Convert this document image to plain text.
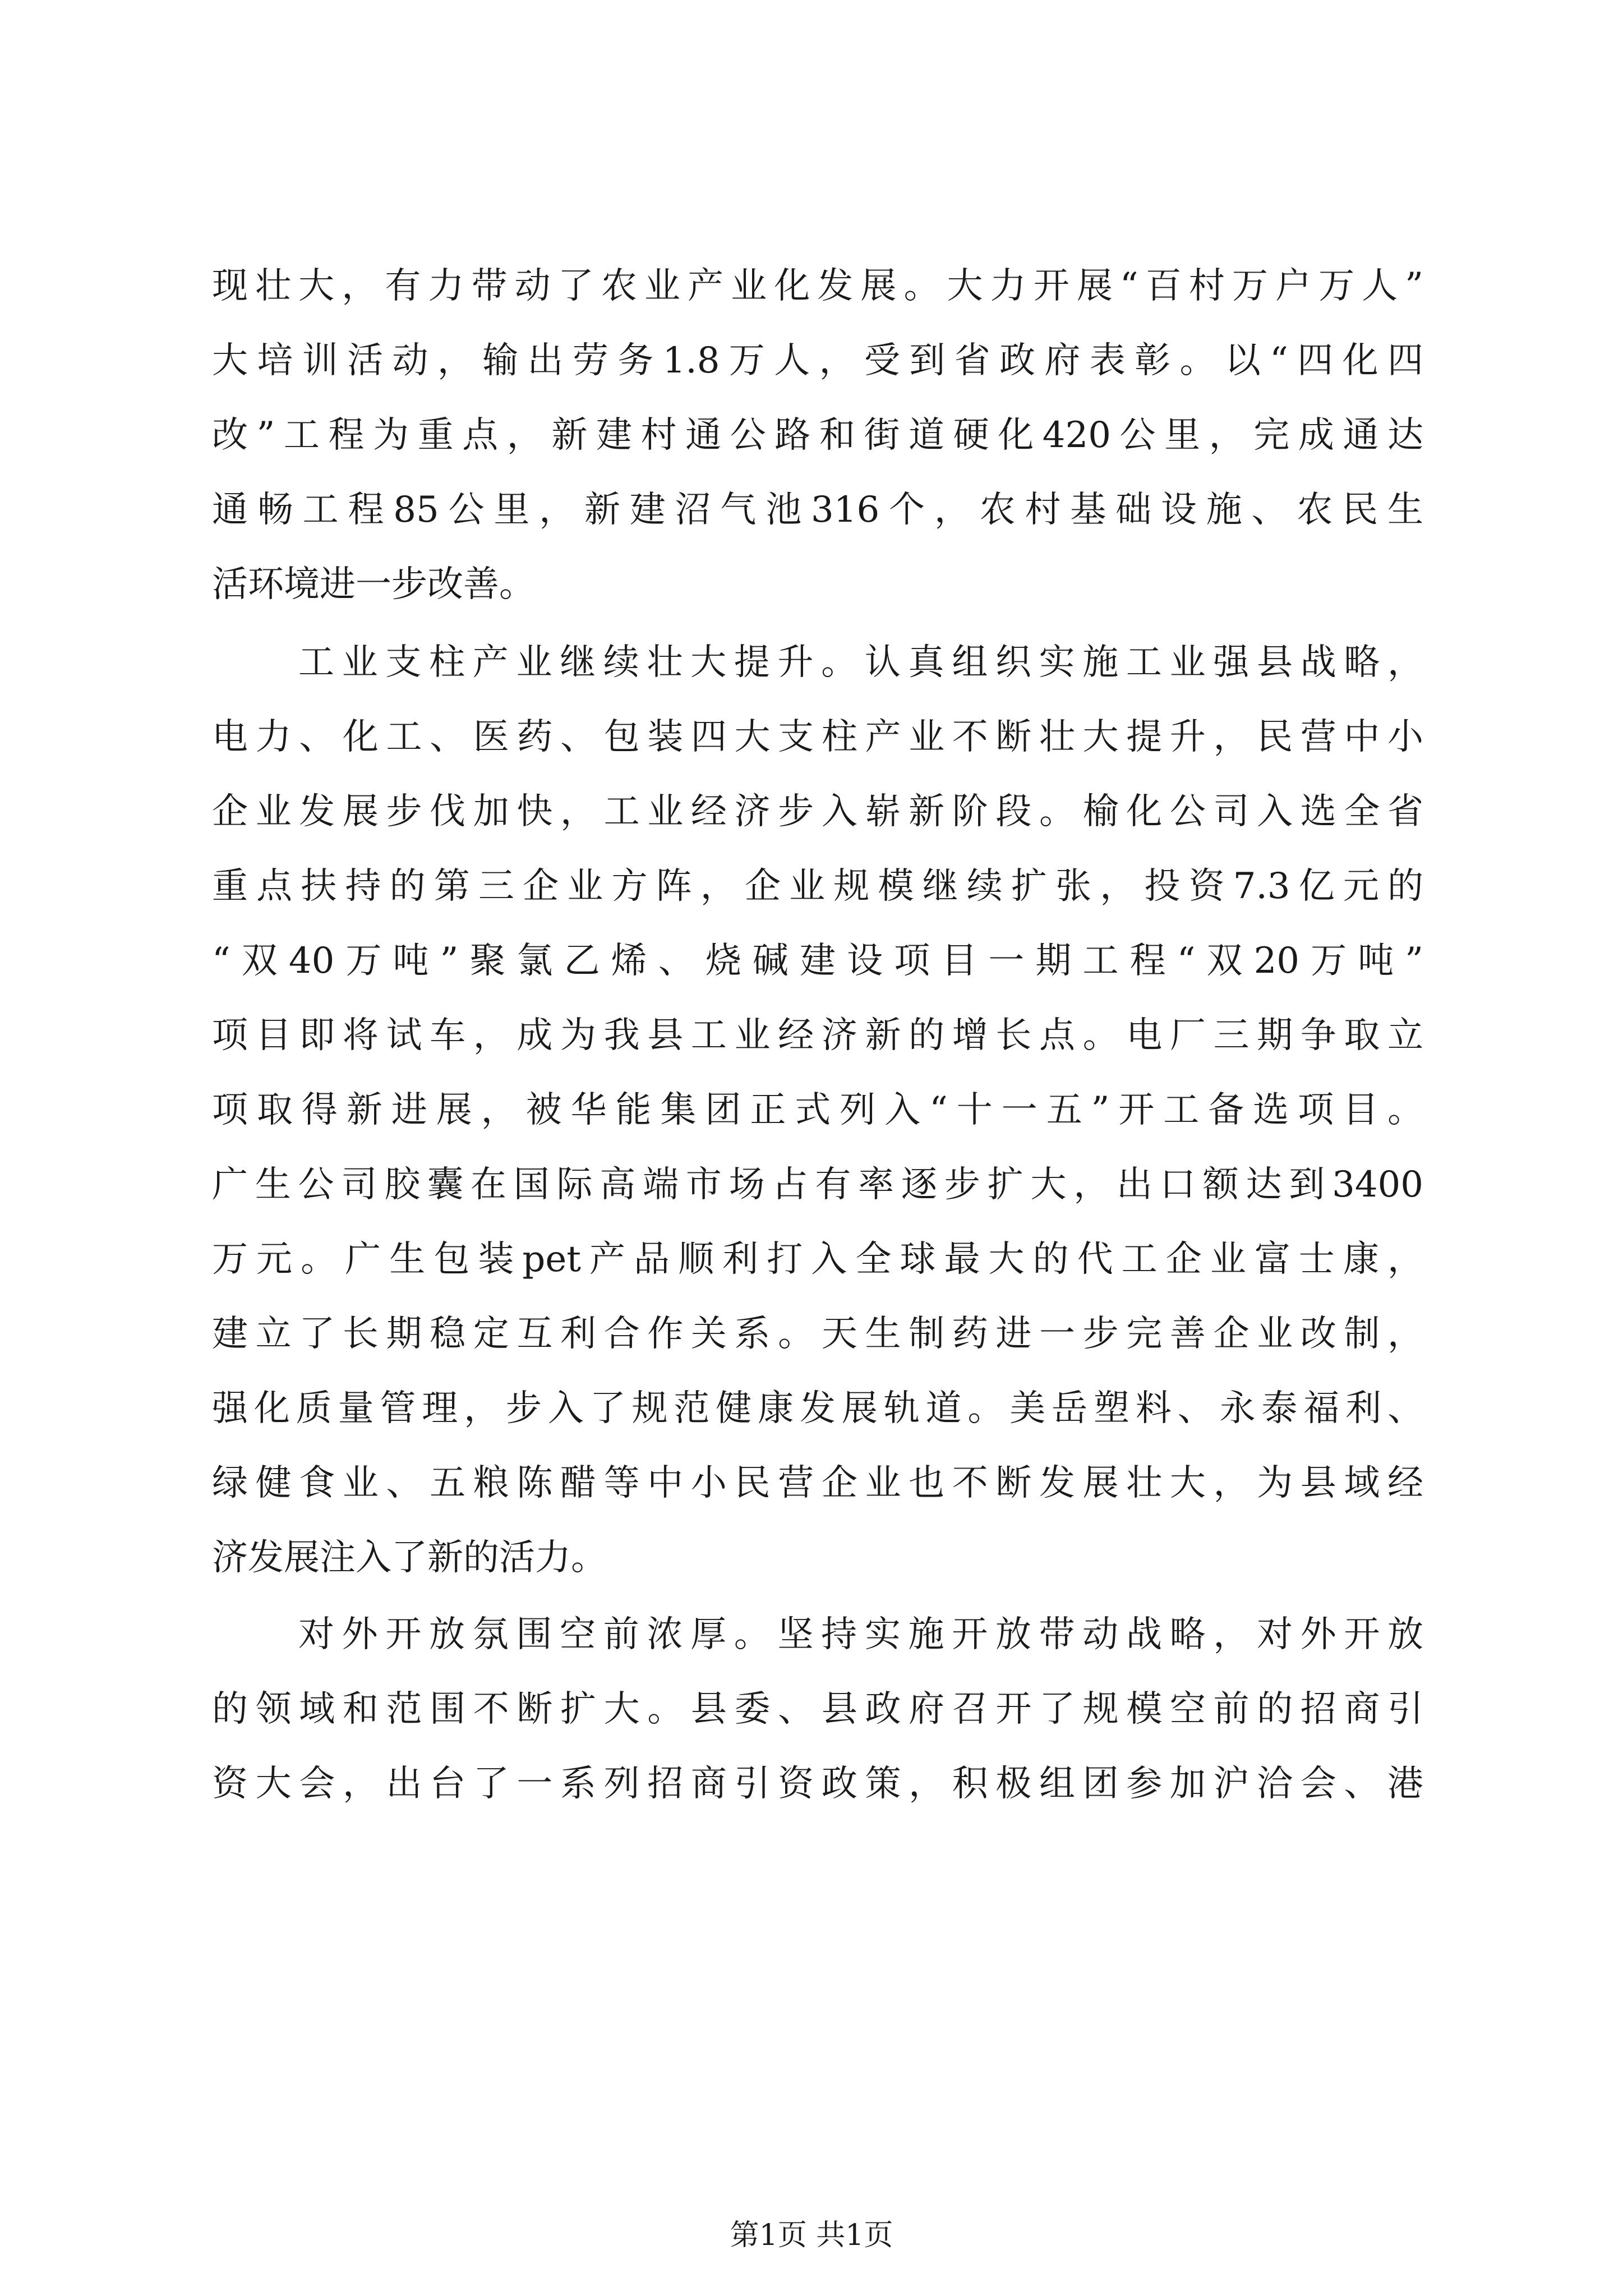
现壮大，有力带动了农业产业化发展。大力开展“百村万户万人”
大培训活动，输出劳务1.8万人，受到省政府表彰。以“四化四
改”工程为重点，新建村通公路和街道硬化420公里，完成通达
通畅工程85公里，新建沼气池316个，农村基础设施、农民生
活环境进一步改善。
工业支柱产业继续壮大提升。认真组织实施工业强县战略，
电力、化工、医药、包装四大支柱产业不断壮大提升，民营中小
企业发展步伐加快，工业经济步入崭新阶段。榆化公司入选全省
重点扶持的第三企业方阵，企业规模继续扩张，投资7.3亿元的
“双40万吨”聚氯乙烯、烧碱建设项目一期工程“双20万吨”
项目即将试车，成为我县工业经济新的增长点。电厂三期争取立
项取得新进展，被华能集团正式列入“十一五”开工备选项目。
广生公司胶囊在国际高端市场占有率逐步扩大，出口额达到3400
万元。广生包装pet产品顺利打入全球最大的代工企业富士康，
建立了长期稳定互利合作关系。天生制药进一步完善企业改制，
强化质量管理，步入了规范健康发展轨道。美岳塑料、永泰福利、
绿健食业、五粮陈醋等中小民营企业也不断发展壮大，为县域经
济发展注入了新的活力。
对外开放氛围空前浓厚。坚持实施开放带动战略，对外开放
的领域和范围不断扩大。县委、县政府召开了规模空前的招商引
资大会，出台了一系列招商引资政策，积极组团参加沪洽会、港
第1页 共1页
